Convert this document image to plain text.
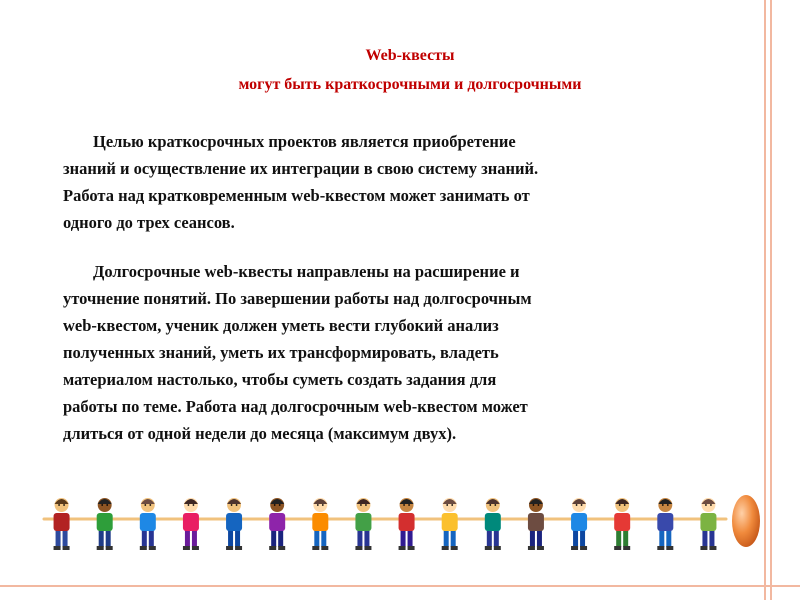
Web-квесты
могут быть краткосрочными и долгосрочными
Целью краткосрочных проектов является приобретение
знаний и осуществление их интеграции в свою систему знаний.
Работа над кратковременным web-квестом может занимать от
одного до трех сеансов.
Долгосрочные web-квесты направлены на расширение и
уточнение понятий. По завершении работы над долгосрочным
web-квестом, ученик должен уметь вести глубокий анализ
полученных знаний, уметь их трансформировать, владеть
материалом настолько, чтобы суметь создать задания для
работы по теме. Работа над долгосрочным web-квестом может
длиться от одной недели до месяца (максимум двух).
